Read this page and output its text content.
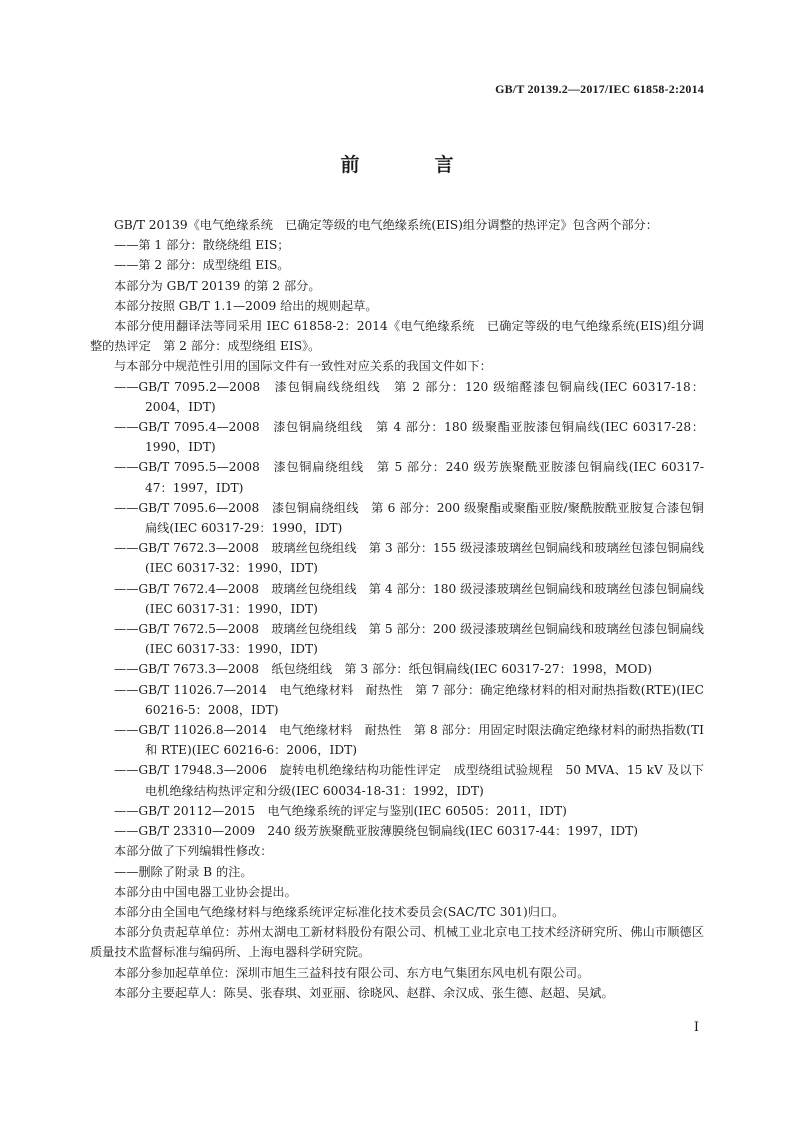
GB/T 20139.2—2017/IEC 61858-2:2014
前　言

GB/T 20139《电气绝缘系统　已确定等级的电气绝缘系统(EIS)组分调整的热评定》包含两个部分：

——第 1 部分：散绕绕组 EIS；

——第 2 部分：成型绕组 EIS。

本部分为 GB/T 20139 的第 2 部分。

本部分按照 GB/T 1.1—2009 给出的规则起草。

本部分使用翻译法等同采用 IEC 61858-2：2014《电气绝缘系统　已确定等级的电气绝缘系统(EIS)组分调整的热评定　第 2 部分：成型绕组 EIS》。

与本部分中规范性引用的国际文件有一致性对应关系的我国文件如下：

——GB/T 7095.2—2008　漆包铜扁线绕组线　第 2 部分：120 级缩醛漆包铜扁线(IEC 60317-18：2004，IDT)

——GB/T 7095.4—2008　漆包铜扁绕组线　第 4 部分：180 级聚酯亚胺漆包铜扁线(IEC 60317-28：1990，IDT)

——GB/T 7095.5—2008　漆包铜扁绕组线　第 5 部分：240 级芳族聚酰亚胺漆包铜扁线(IEC 60317-47：1997，IDT)

——GB/T 7095.6—2008　漆包铜扁绕组线　第 6 部分：200 级聚酯或聚酯亚胺/聚酰胺酰亚胺复合漆包铜扁线(IEC 60317-29：1990，IDT)

——GB/T 7672.3—2008　玻璃丝包绕组线　第 3 部分：155 级浸漆玻璃丝包铜扁线和玻璃丝包漆包铜扁线(IEC 60317-32：1990，IDT)

——GB/T 7672.4—2008　玻璃丝包绕组线　第 4 部分：180 级浸漆玻璃丝包铜扁线和玻璃丝包漆包铜扁线(IEC 60317-31：1990，IDT)

——GB/T 7672.5—2008　玻璃丝包绕组线　第 5 部分：200 级浸漆玻璃丝包铜扁线和玻璃丝包漆包铜扁线(IEC 60317-33：1990，IDT)

——GB/T 7673.3—2008　纸包绕组线　第 3 部分：纸包铜扁线(IEC 60317-27：1998，MOD)

——GB/T 11026.7—2014　电气绝缘材料　耐热性　第 7 部分：确定绝缘材料的相对耐热指数(RTE)(IEC 60216-5：2008，IDT)

——GB/T 11026.8—2014　电气绝缘材料　耐热性　第 8 部分：用固定时限法确定绝缘材料的耐热指数(TI 和 RTE)(IEC 60216-6：2006，IDT)

——GB/T 17948.3—2006　旋转电机绝缘结构功能性评定　成型绕组试验规程　50 MVA、15 kV 及以下电机绝缘结构热评定和分级(IEC 60034-18-31：1992，IDT)

——GB/T 20112—2015　电气绝缘系统的评定与鉴别(IEC 60505：2011，IDT)

——GB/T 23310—2009　240 级芳族聚酰亚胺薄膜绕包铜扁线(IEC 60317-44：1997，IDT)

本部分做了下列编辑性修改：

——删除了附录 B 的注。

本部分由中国电器工业协会提出。

本部分由全国电气绝缘材料与绝缘系统评定标准化技术委员会(SAC/TC 301)归口。

本部分负责起草单位：苏州太湖电工新材料股份有限公司、机械工业北京电工技术经济研究所、佛山市顺德区质量技术监督标准与编码所、上海电器科学研究院。

本部分参加起草单位：深圳市旭生三益科技有限公司、东方电气集团东风电机有限公司。

本部分主要起草人：陈昊、张春琪、刘亚丽、徐晓风、赵群、余汉成、张生德、赵超、吴斌。

I
